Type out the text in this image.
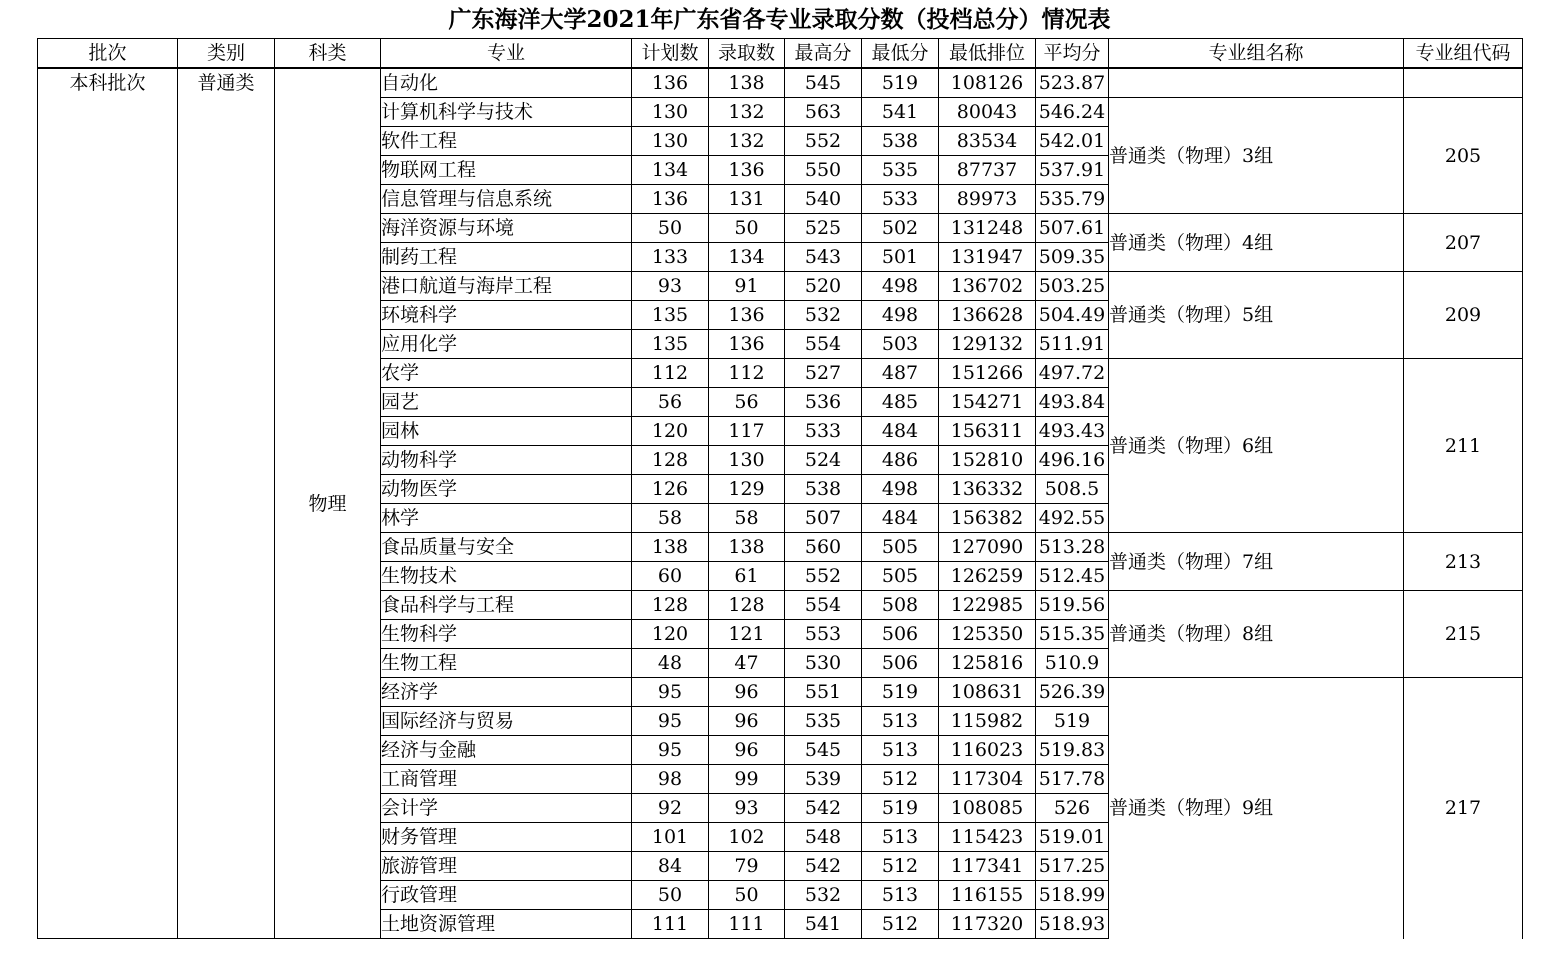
广东海洋大学2021年广东省各专业录取分数（投档总分）情况表
批次	类别	科类	专业	计划数	录取数	最高分	最低分	最低排位	平均分	专业组名称	专业组代码
本科批次	普通类	物理	自动化	136	138	545	519	108126	523.87		
			计算机科学与技术	130	132	563	541	80043	546.24	普通类（物理）3组	205
			软件工程	130	132	552	538	83534	542.01		
			物联网工程	134	136	550	535	87737	537.91		
			信息管理与信息系统	136	131	540	533	89973	535.79		
			海洋资源与环境	50	50	525	502	131248	507.61	普通类（物理）4组	207
			制药工程	133	134	543	501	131947	509.35		
			港口航道与海岸工程	93	91	520	498	136702	503.25	普通类（物理）5组	209
			环境科学	135	136	532	498	136628	504.49		
			应用化学	135	136	554	503	129132	511.91		
			农学	112	112	527	487	151266	497.72	普通类（物理）6组	211
			园艺	56	56	536	485	154271	493.84		
			园林	120	117	533	484	156311	493.43		
			动物科学	128	130	524	486	152810	496.16		
			动物医学	126	129	538	498	136332	508.5		
			林学	58	58	507	484	156382	492.55		
			食品质量与安全	138	138	560	505	127090	513.28	普通类（物理）7组	213
			生物技术	60	61	552	505	126259	512.45		
			食品科学与工程	128	128	554	508	122985	519.56	普通类（物理）8组	215
			生物科学	120	121	553	506	125350	515.35		
			生物工程	48	47	530	506	125816	510.9		
			经济学	95	96	551	519	108631	526.39	普通类（物理）9组	217
			国际经济与贸易	95	96	535	513	115982	519		
			经济与金融	95	96	545	513	116023	519.83		
			工商管理	98	99	539	512	117304	517.78		
			会计学	92	93	542	519	108085	526		
			财务管理	101	102	548	513	115423	519.01		
			旅游管理	84	79	542	512	117341	517.25		
			行政管理	50	50	532	513	116155	518.99		
			土地资源管理	111	111	541	512	117320	518.93		
